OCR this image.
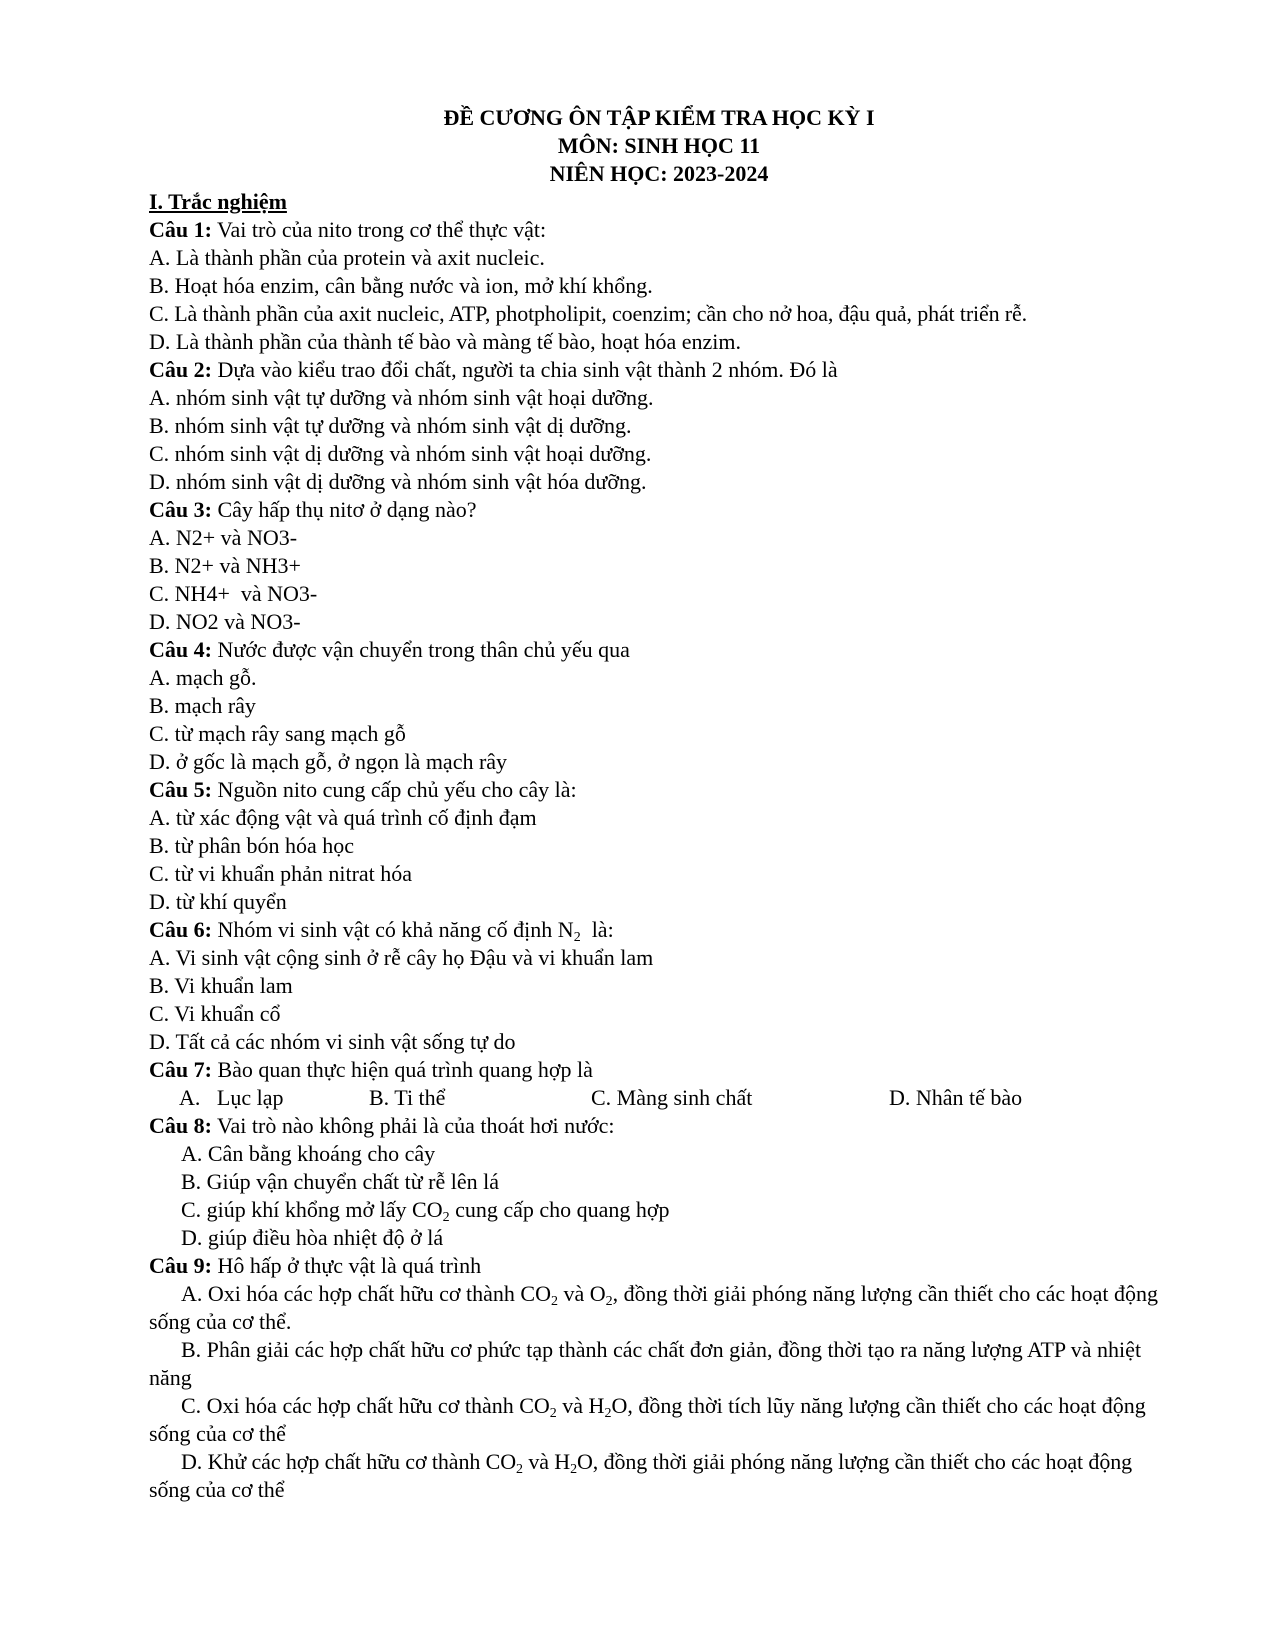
ĐỀ CƯƠNG ÔN TẬP KIỂM TRA HỌC KỲ I
MÔN: SINH HỌC 11
NIÊN HỌC: 2023-2024
I. Trắc nghiệm
Câu 1: Vai trò của nito trong cơ thể thực vật:
A. Là thành phần của protein và axit nucleic.
B. Hoạt hóa enzim, cân bằng nước và ion, mở khí khổng.
C. Là thành phần của axit nucleic, ATP, photpholipit, coenzim; cần cho nở hoa, đậu quả, phát triển rễ.
D. Là thành phần của thành tế bào và màng tế bào, hoạt hóa enzim.
Câu 2: Dựa vào kiểu trao đổi chất, người ta chia sinh vật thành 2 nhóm. Đó là
A. nhóm sinh vật tự dưỡng và nhóm sinh vật hoại dưỡng.
B. nhóm sinh vật tự dưỡng và nhóm sinh vật dị dưỡng.
C. nhóm sinh vật dị dưỡng và nhóm sinh vật hoại dưỡng.
D. nhóm sinh vật dị dưỡng và nhóm sinh vật hóa dưỡng.
Câu 3: Cây hấp thụ nitơ ở dạng nào?
A. N2+ và NO3-
B. N2+ và NH3+
C. NH4+  và NO3-
D. NO2 và NO3-
Câu 4: Nước được vận chuyển trong thân chủ yếu qua
A. mạch gỗ.
B. mạch rây
C. từ mạch rây sang mạch gỗ
D. ở gốc là mạch gỗ, ở ngọn là mạch rây
Câu 5: Nguồn nito cung cấp chủ yếu cho cây là:
A. từ xác động vật và quá trình cố định đạm
B. từ phân bón hóa học
C. từ vi khuẩn phản nitrat hóa
D. từ khí quyển
Câu 6: Nhóm vi sinh vật có khả năng cố định $N_2$  là:
A. Vi sinh vật cộng sinh ở rễ cây họ Đậu và vi khuẩn lam
B. Vi khuẩn lam
C. Vi khuẩn cổ
D. Tất cả các nhóm vi sinh vật sống tự do
Câu 7: Bào quan thực hiện quá trình quang hợp là
A.   Lục lạp	B. Ti thể	C. Màng sinh chất	D. Nhân tế bào
Câu 8: Vai trò nào không phải là của thoát hơi nước:
A. Cân bằng khoáng cho cây
B. Giúp vận chuyển chất từ rễ lên lá
C. giúp khí khổng mở lấy $CO_2$ cung cấp cho quang hợp
D. giúp điều hòa nhiệt độ ở lá
Câu 9: Hô hấp ở thực vật là quá trình
A. Oxi hóa các hợp chất hữu cơ thành $CO_2$ và $O_2$, đồng thời giải phóng năng lượng cần thiết cho các hoạt động sống của cơ thể.
B. Phân giải các hợp chất hữu cơ phức tạp thành các chất đơn giản, đồng thời tạo ra năng lượng ATP và nhiệt năng
C. Oxi hóa các hợp chất hữu cơ thành $CO_2$ và $H_2O$, đồng thời tích lũy năng lượng cần thiết cho các hoạt động sống của cơ thể
D. Khử các hợp chất hữu cơ thành $CO_2$ và $H_2O$, đồng thời giải phóng năng lượng cần thiết cho các hoạt động sống của cơ thể
